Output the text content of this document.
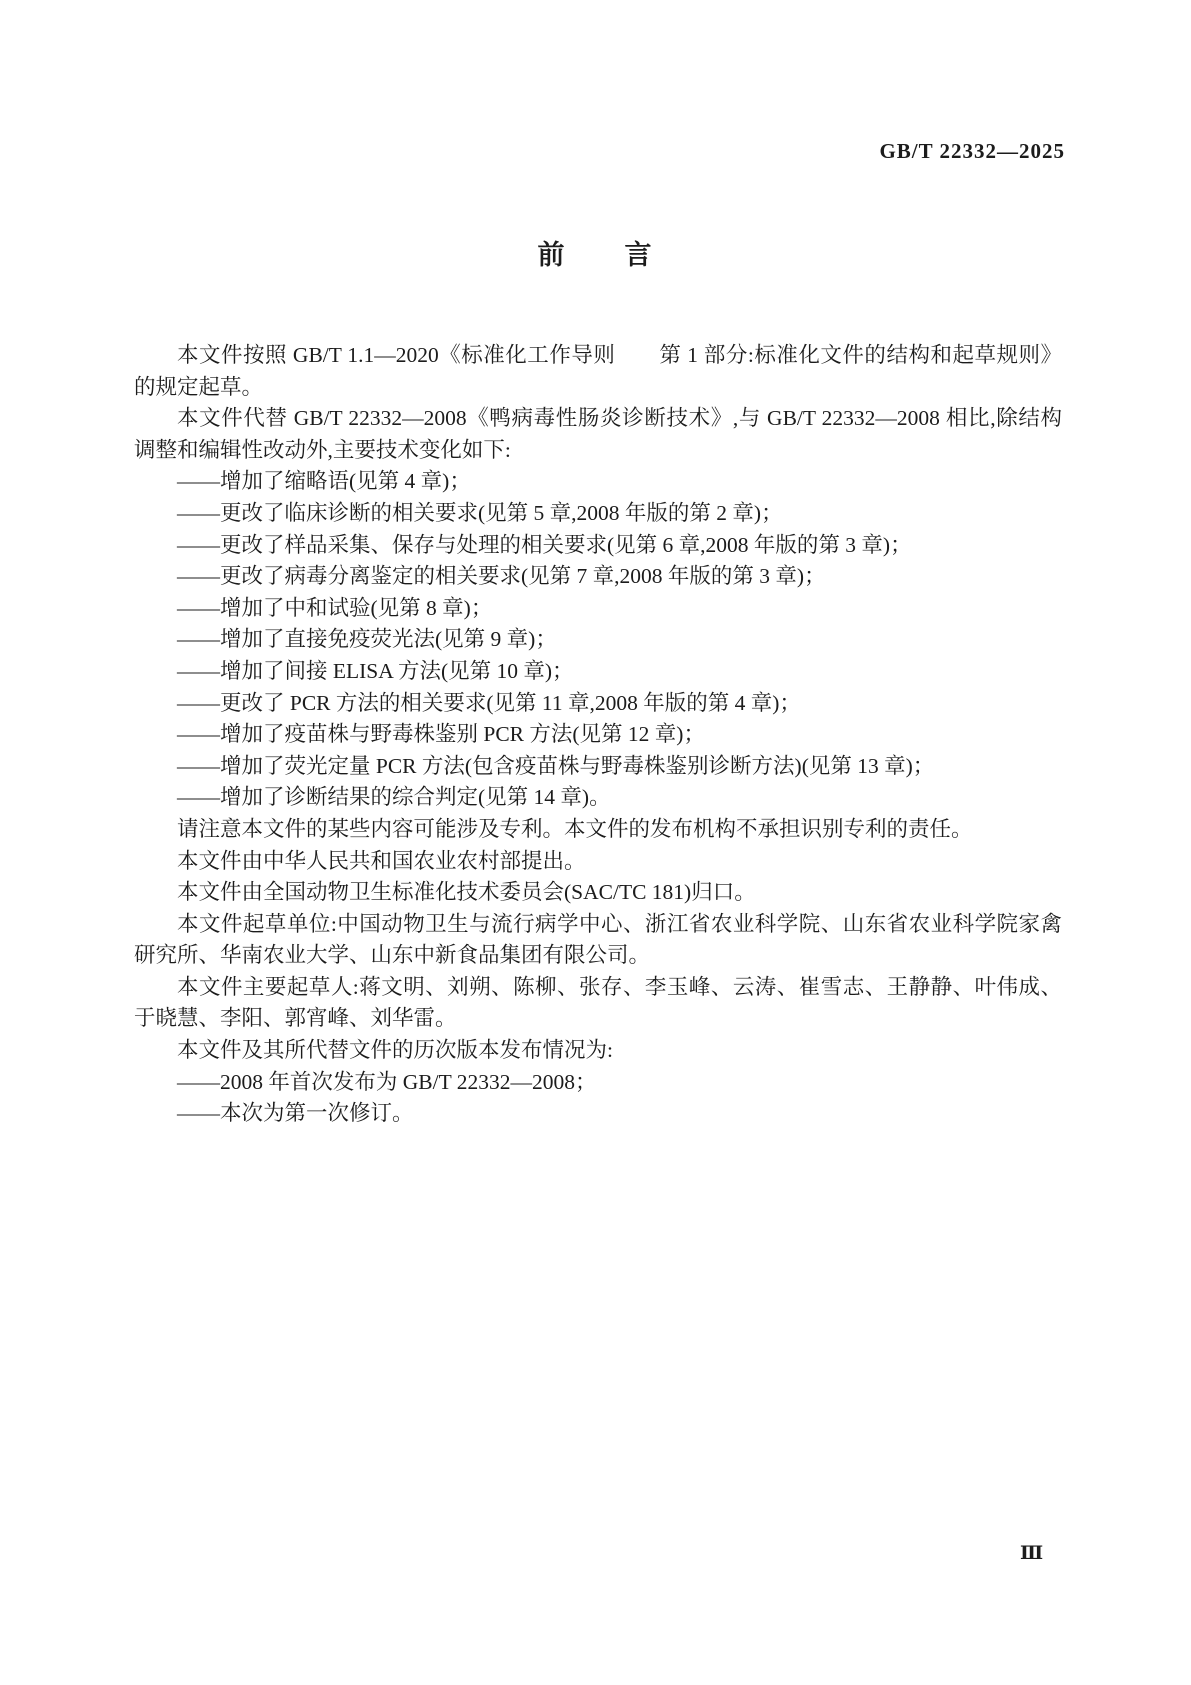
GB/T 22332—2025
前　　言

本文件按照 GB/T 1.1—2020《标准化工作导则　　第 1 部分:标准化文件的结构和起草规则》的规定起草。

本文件代替 GB/T 22332—2008《鸭病毒性肠炎诊断技术》,与 GB/T 22332—2008 相比,除结构调整和编辑性改动外,主要技术变化如下:

——增加了缩略语(见第 4 章)；

——更改了临床诊断的相关要求(见第 5 章,2008 年版的第 2 章)；

——更改了样品采集、保存与处理的相关要求(见第 6 章,2008 年版的第 3 章)；

——更改了病毒分离鉴定的相关要求(见第 7 章,2008 年版的第 3 章)；

——增加了中和试验(见第 8 章)；

——增加了直接免疫荧光法(见第 9 章)；

——增加了间接 ELISA 方法(见第 10 章)；

——更改了 PCR 方法的相关要求(见第 11 章,2008 年版的第 4 章)；

——增加了疫苗株与野毒株鉴别 PCR 方法(见第 12 章)；

——增加了荧光定量 PCR 方法(包含疫苗株与野毒株鉴别诊断方法)(见第 13 章)；

——增加了诊断结果的综合判定(见第 14 章)。

请注意本文件的某些内容可能涉及专利。本文件的发布机构不承担识别专利的责任。

本文件由中华人民共和国农业农村部提出。

本文件由全国动物卫生标准化技术委员会(SAC/TC 181)归口。

本文件起草单位:中国动物卫生与流行病学中心、浙江省农业科学院、山东省农业科学院家禽研究所、华南农业大学、山东中新食品集团有限公司。

本文件主要起草人:蒋文明、刘朔、陈柳、张存、李玉峰、云涛、崔雪志、王静静、叶伟成、于晓慧、李阳、郭宵峰、刘华雷。

本文件及其所代替文件的历次版本发布情况为:

——2008 年首次发布为 GB/T 22332—2008；

——本次为第一次修订。

Ⅲ
